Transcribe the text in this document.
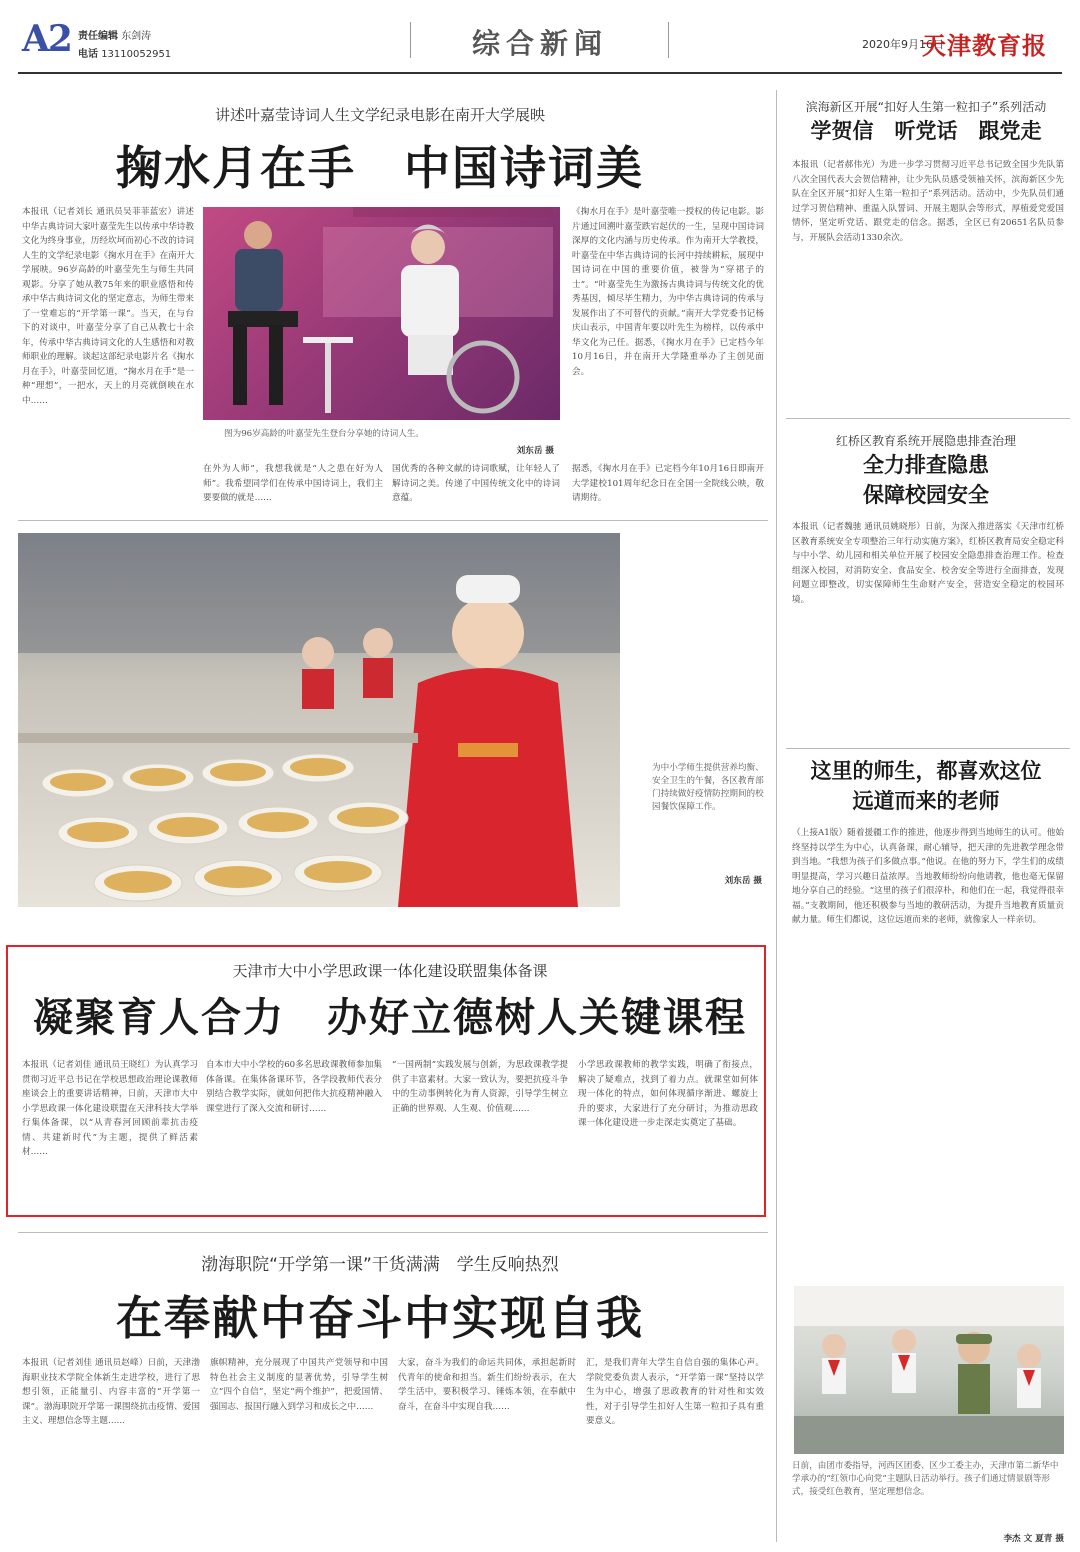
A2 责任编辑 东剑涛
电话 13110052951	综合新闻	2020年9月16日
天津教育报
讲述叶嘉莹诗词人生文学纪录电影在南开大学展映
掬水月在手　中国诗词美
本报讯（记者刘长 通讯员吴菲菲蓝宏）讲述中华古典诗词大家叶嘉莹先生以传承中华诗教文化为终身事业，历经坎坷而初心不改的诗词人生的文学纪录电影《掬水月在手》在南开大学展映。96岁高龄的叶嘉莹先生与师生共同观影。分享了她从教75年来的职业感悟和传承中华古典诗词文化的坚定意志，为师生带来了一堂难忘的“开学第一课”。当天，在与台下的对谈中，叶嘉莹分享了自己从教七十余年，传承中华古典诗词文化的人生感悟和对教师职业的理解。谈起这部纪录电影片名《掬水月在手》，叶嘉莹回忆道，“掬水月在手”是一种“理想”，一把水，天上的月亮就倒映在水中……
图为96岁高龄的叶嘉莹先生登台分享她的诗词人生。
刘东岳 摄
在外为人师”，我想我就是“人之患在好为人师”。我希望同学们在传承中国诗词上，我们主要要做的就是……
国优秀的各种文献的诗词歌赋，让年轻人了解诗词之美。传递了中国传统文化中的诗词意蕴。
《掬水月在手》是叶嘉莹唯一授权的传记电影。影片通过回溯叶嘉莹跌宕起伏的一生，呈现中国诗词深厚的文化内涵与历史传承。作为南开大学教授，叶嘉莹在中华古典诗词的长河中持续耕耘，展现中国诗词在中国的重要价值，被誉为“穿裙子的士”。“叶嘉莹先生为激扬古典诗词与传统文化的优秀基因，倾尽毕生精力，为中华古典诗词的传承与发展作出了不可替代的贡献。”南开大学党委书记杨庆山表示，中国青年要以叶先生为榜样，以传承中华文化为己任。据悉，《掬水月在手》已定档今年10月16日，并在南开大学隆重举办了主创见面会。
据悉，《掬水月在手》已定档今年10月16日即南开大学建校101周年纪念日在全国一全院线公映，敬请期待。
为中小学师生提供营养均衡、安全卫生的午餐，各区教育部门持续做好疫情防控期间的校园餐饮保障工作。
刘东岳 摄
天津市大中小学思政课一体化建设联盟集体备课
凝聚育人合力　办好立德树人关键课程
本报讯（记者刘佳 通讯员王晓红）为认真学习贯彻习近平总书记在学校思想政治理论课教师座谈会上的重要讲话精神，日前，天津市大中小学思政课一体化建设联盟在天津科技大学举行集体备课，以“从青春河回顾前辈抗击疫情、共建新时代”为主题，提供了鲜活素材……
自本市大中小学校的60多名思政课教师参加集体备课。在集体备课环节，各学段教师代表分别结合教学实际，就如何把伟大抗疫精神融入课堂进行了深入交流和研讨……
“一国两制”实践发展与创新，为思政课教学提供了丰富素材。大家一致认为，要把抗疫斗争中的生动事例转化为育人资源，引导学生树立正确的世界观、人生观、价值观……
小学思政课教师的教学实践，明确了衔接点，解决了疑难点，找到了着力点。就课堂如何体现一体化的特点，如何体现循序渐进、螺旋上升的要求，大家进行了充分研讨，为推动思政课一体化建设进一步走深走实奠定了基础。
渤海职院“开学第一课”干货满满　学生反响热烈
在奉献中奋斗中实现自我
本报讯（记者刘佳 通讯员赵峰）日前，天津渤海职业技术学院全体新生走进学校，进行了思想引领，正能量引、内容丰富的“开学第一课”。渤海职院开学第一课围绕抗击疫情、爱国主义、理想信念等主题……
旗帜精神，充分展现了中国共产党领导和中国特色社会主义制度的显著优势，引导学生树立“四个自信”，坚定“两个维护”，把爱国情、强国志、报国行融入到学习和成长之中……
大家，奋斗为我们的命运共同体，承担起新时代青年的使命和担当。新生们纷纷表示，在大学生活中，要积极学习、锤炼本领，在奉献中奋斗，在奋斗中实现自我……
汇，是我们青年大学生自信自强的集体心声。学院党委负责人表示，“开学第一课”坚持以学生为中心，增强了思政教育的针对性和实效性，对于引导学生扣好人生第一粒扣子具有重要意义。
滨海新区开展“扣好人生第一粒扣子”系列活动
学贺信　听党话　跟党走
本报讯（记者郝伟光）为进一步学习贯彻习近平总书记致全国少先队第八次全国代表大会贺信精神，让少先队员感受领袖关怀，滨海新区少先队在全区开展“扣好人生第一粒扣子”系列活动。活动中，少先队员们通过学习贺信精神、重温入队誓词、开展主题队会等形式，厚植爱党爱国情怀，坚定听党话、跟党走的信念。据悉，全区已有20651名队员参与，开展队会活动1330余次。
红桥区教育系统开展隐患排查治理
全力排查隐患
保障校园安全
本报讯（记者魏驰 通讯员姚晓彤）日前，为深入推进落实《天津市红桥区教育系统安全专项整治三年行动实施方案》，红桥区教育局安全稳定科与中小学、幼儿园和相关单位开展了校园安全隐患排查治理工作。检查组深入校园，对消防安全、食品安全、校舍安全等进行全面排查，发现问题立即整改，切实保障师生生命财产安全，营造安全稳定的校园环境。
这里的师生，都喜欢这位
远道而来的老师
（上接A1版）随着援疆工作的推进，他逐步得到当地师生的认可。他始终坚持以学生为中心，认真备课，耐心辅导，把天津的先进教学理念带到当地。“我想为孩子们多做点事。”他说。在他的努力下，学生们的成绩明显提高，学习兴趣日益浓厚。当地教师纷纷向他请教，他也毫无保留地分享自己的经验。“这里的孩子们很淳朴，和他们在一起，我觉得很幸福。”支教期间，他还积极参与当地的教研活动，为提升当地教育质量贡献力量。师生们都说，这位远道而来的老师，就像家人一样亲切。
日前，由团市委指导，河西区团委、区少工委主办，天津市第二新华中学承办的“红领巾心向党”主题队日活动举行。孩子们通过情景剧等形式，接受红色教育，坚定理想信念。
李杰 文 夏青 摄
